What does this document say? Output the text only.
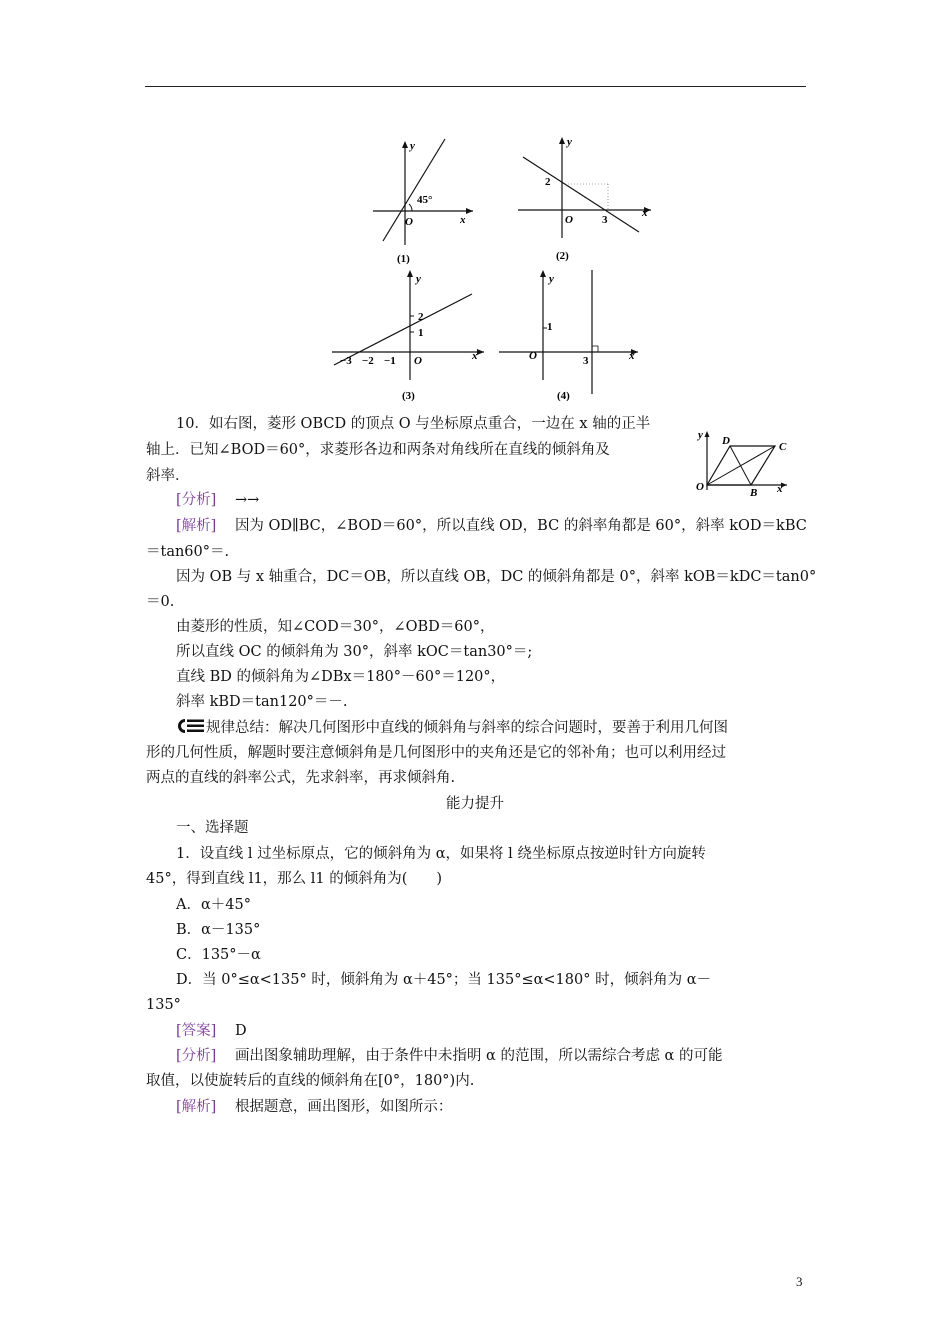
y
x
O
45°
(1)
y
x
O
2
3
(2)
y
x
O
2
1
−3 −2 −1
(3)
y
x
O
1
3
(4)
y
x
O
D	C
B
10．如右图，菱形 OBCD 的顶点 O 与坐标原点重合，一边在 x 轴的正半
轴上．已知∠BOD＝60°，求菱形各边和两条对角线所在直线的倾斜角及
斜率．
[分析] →→
[解析] 因为 OD∥BC，∠BOD＝60°，所以直线 OD，BC 的斜率角都是 60°，斜率 kOD＝kBC
＝tan60°＝.
因为 OB 与 x 轴重合，DC＝OB，所以直线 OB，DC 的倾斜角都是 0°，斜率 kOB＝kDC＝tan0°
＝0.
由菱形的性质，知∠COD＝30°，∠OBD＝60°，
所以直线 OC 的倾斜角为 30°，斜率 kOC＝tan30°＝;
直线 BD 的倾斜角为∠DBx＝180°－60°＝120°，
斜率 kBD＝tan120°＝－.
规律总结：解决几何图形中直线的倾斜角与斜率的综合问题时，要善于利用几何图
形的几何性质，解题时要注意倾斜角是几何图形中的夹角还是它的邻补角；也可以利用经过
两点的直线的斜率公式，先求斜率，再求倾斜角.
能力提升
一、选择题
1．设直线 l 过坐标原点，它的倾斜角为 α，如果将 l 绕坐标原点按逆时针方向旋转
45°，得到直线 l1，那么 l1 的倾斜角为(　　)
A．α＋45°
B．α－135°
C．135°－α
D．当 0°≤α<135° 时，倾斜角为 α＋45°；当 135°≤α<180° 时，倾斜角为 α－
135°
[答案] D
[分析] 画出图象辅助理解，由于条件中未指明 α 的范围，所以需综合考虑 α 的可能
取值，以使旋转后的直线的倾斜角在[0°，180°)内.
[解析] 根据题意，画出图形，如图所示：
3
